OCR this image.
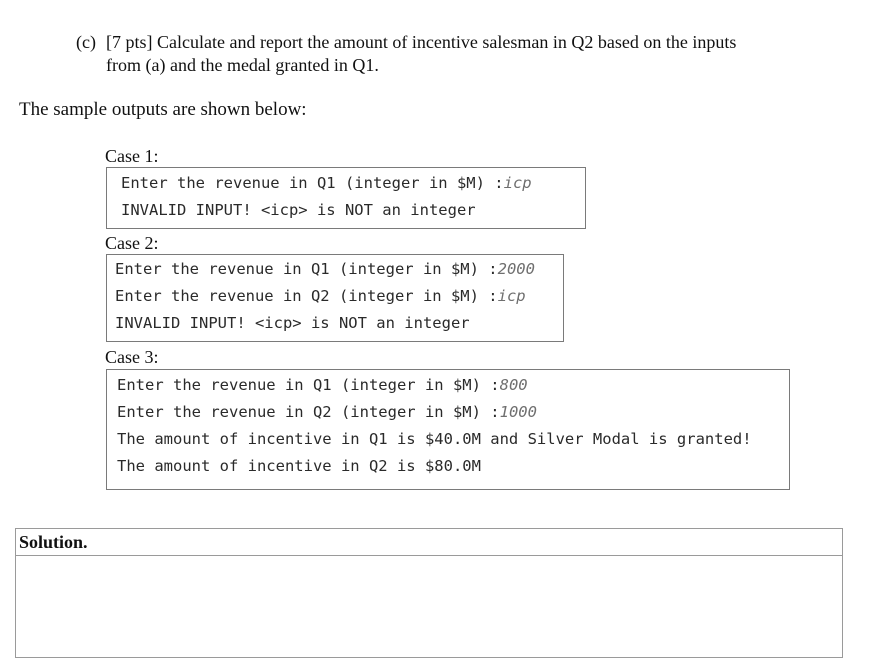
(c) [7 pts] Calculate and report the amount of incentive salesman in Q2 based on the inputs
from (a) and the medal granted in Q1.
The sample outputs are shown below:
Case 1:
Enter the revenue in Q1 (integer in $M) :icp
INVALID INPUT! <icp> is NOT an integer
Case 2:
Enter the revenue in Q1 (integer in $M) :2000
Enter the revenue in Q2 (integer in $M) :icp
INVALID INPUT! <icp> is NOT an integer
Case 3:
Enter the revenue in Q1 (integer in $M) :800
Enter the revenue in Q2 (integer in $M) :1000
The amount of incentive in Q1 is $40.0M and Silver Modal is granted!
The amount of incentive in Q2 is $80.0M
Solution.
